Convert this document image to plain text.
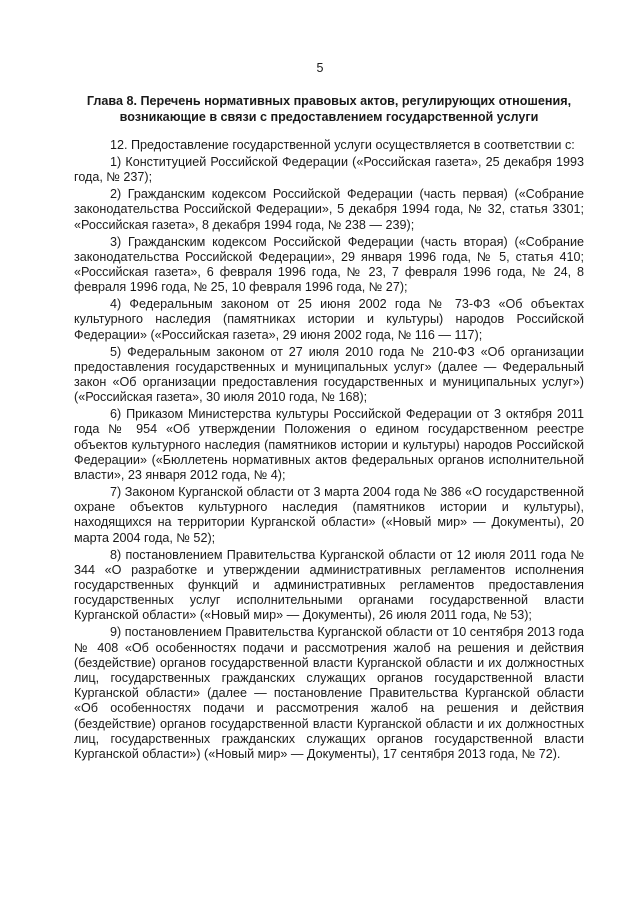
5
Глава 8. Перечень нормативных правовых актов, регулирующих отношения, возникающие в связи с предоставлением государственной услуги

12. Предоставление государственной услуги осуществляется в соответствии с:

1) Конституцией Российской Федерации («Российская газета», 25 декабря 1993 года, № 237);

2) Гражданским кодексом Российской Федерации (часть первая) («Собрание законодательства Российской Федерации», 5 декабря 1994 года, № 32, статья 3301; «Российская газета», 8 декабря 1994 года, № 238 — 239);

3) Гражданским кодексом Российской Федерации (часть вторая) («Собрание законодательства Российской Федерации», 29 января 1996 года, № 5, статья 410; «Российская газета», 6 февраля 1996 года, № 23, 7 февраля 1996 года, № 24, 8 февраля 1996 года, № 25, 10 февраля 1996 года, № 27);

4) Федеральным законом от 25 июня 2002 года № 73-ФЗ «Об объектах культурного наследия (памятниках истории и культуры) народов Российской Федерации» («Российская газета», 29 июня 2002 года, № 116 — 117);

5) Федеральным законом от 27 июля 2010 года № 210-ФЗ «Об организации предоставления государственных и муниципальных услуг» (далее — Федеральный закон «Об организации предоставления государственных и муниципальных услуг») («Российская газета», 30 июля 2010 года, № 168);

6) Приказом Министерства культуры Российской Федерации от 3 октября 2011 года № 954 «Об утверждении Положения о едином государственном реестре объектов культурного наследия (памятников истории и культуры) народов Российской Федерации» («Бюллетень нормативных актов федеральных органов исполнительной власти», 23 января 2012 года, № 4);

7) Законом Курганской области от 3 марта 2004 года № 386 «О государственной охране объектов культурного наследия (памятников истории и культуры), находящихся на территории Курганской области» («Новый мир» — Документы), 20 марта 2004 года, № 52);

8) постановлением Правительства Курганской области от 12 июля 2011 года № 344 «О разработке и утверждении административных регламентов исполнения государственных функций и административных регламентов предоставления государственных услуг исполнительными органами государственной власти Курганской области» («Новый мир» — Документы), 26 июля 2011 года, № 53);

9) постановлением Правительства Курганской области от 10 сентября 2013 года № 408 «Об особенностях подачи и рассмотрения жалоб на решения и действия (бездействие) органов государственной власти Курганской области и их должностных лиц, государственных гражданских служащих органов государственной власти Курганской области» (далее — постановление Правительства Курганской области «Об особенностях подачи и рассмотрения жалоб на решения и действия (бездействие) органов государственной власти Курганской области и их должностных лиц, государственных гражданских служащих органов государственной власти Курганской области») («Новый мир» — Документы), 17 сентября 2013 года, № 72).
